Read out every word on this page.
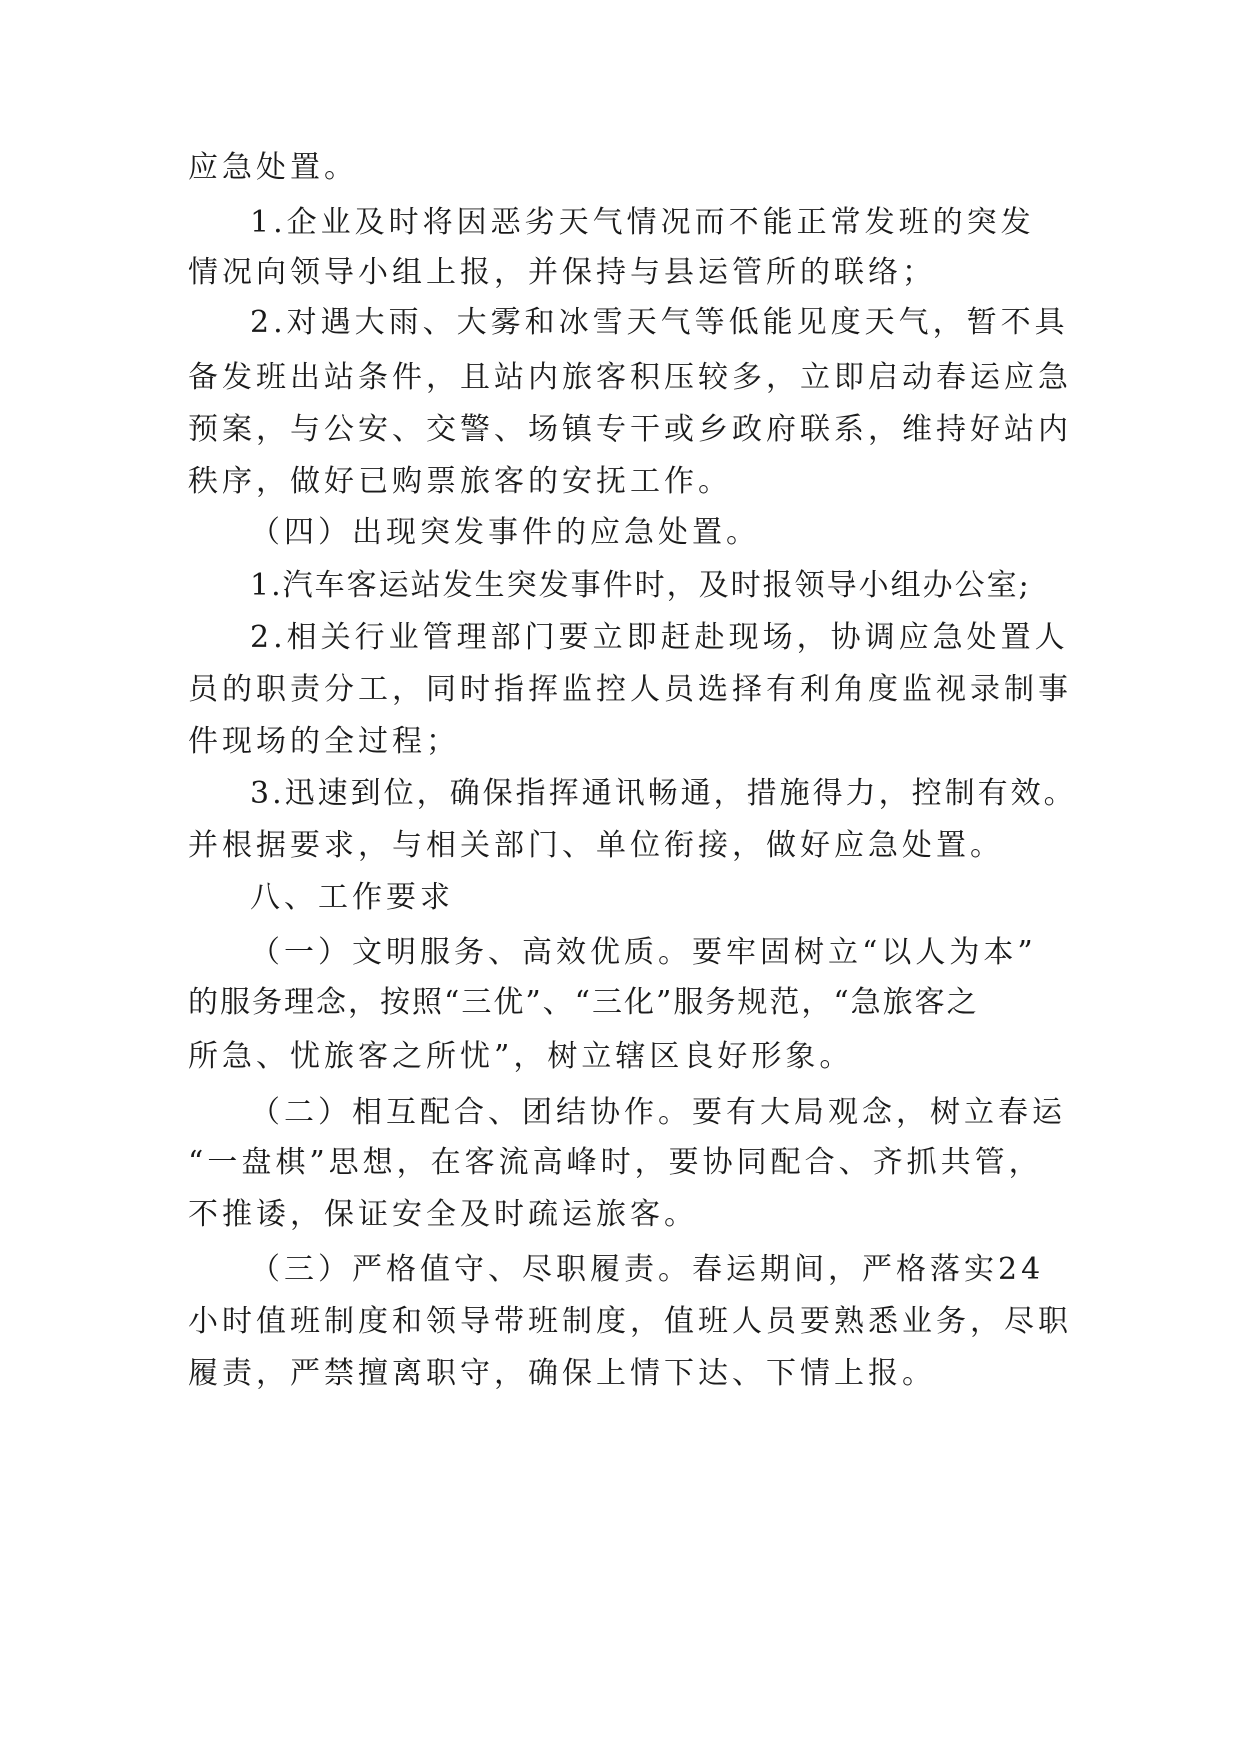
应急处置。
1.企业及时将因恶劣天气情况而不能正常发班的突发
情况向领导小组上报，并保持与县运管所的联络；
2.对遇大雨、大雾和冰雪天气等低能见度天气，暂不具
备发班出站条件，且站内旅客积压较多，立即启动春运应急
预案，与公安、交警、场镇专干或乡政府联系，维持好站内
秩序，做好已购票旅客的安抚工作。
（四）出现突发事件的应急处置。
1.汽车客运站发生突发事件时，及时报领导小组办公室;
2.相关行业管理部门要立即赶赴现场，协调应急处置人
员的职责分工，同时指挥监控人员选择有利角度监视录制事
件现场的全过程；
3.迅速到位，确保指挥通讯畅通，措施得力，控制有效。
并根据要求，与相关部门、单位衔接，做好应急处置。
八、工作要求
（一）文明服务、高效优质。要牢固树立“以人为本”
的服务理念，按照“三优”、“三化”服务规范，“急旅客之
所急、忧旅客之所忧”，树立辖区良好形象。
（二）相互配合、团结协作。要有大局观念，树立春运
“一盘棋”思想，在客流高峰时，要协同配合、齐抓共管，
不推诿，保证安全及时疏运旅客。
（三）严格值守、尽职履责。春运期间，严格落实24
小时值班制度和领导带班制度，值班人员要熟悉业务，尽职
履责，严禁擅离职守，确保上情下达、下情上报。
